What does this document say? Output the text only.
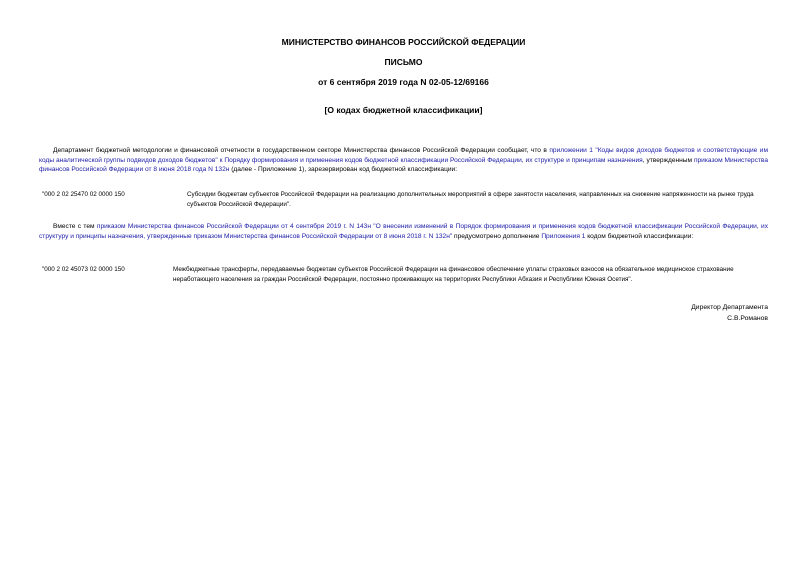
МИНИСТЕРСТВО ФИНАНСОВ РОССИЙСКОЙ ФЕДЕРАЦИИ
ПИСЬМО
от 6 сентября 2019 года N 02-05-12/69166
[О кодах бюджетной классификации]
Департамент бюджетной методологии и финансовой отчетности в государственном секторе Министерства финансов Российской Федерации сообщает, что в приложении 1 "Коды видов доходов бюджетов и соответствующие им коды аналитической группы подвидов доходов бюджетов" к Порядку формирования и применения кодов бюджетной классификации Российской Федерации, их структуре и принципам назначения, утвержденным приказом Министерства финансов Российской Федерации от 8 июня 2018 года N 132н (далее - Приложение 1), зарезервирован код бюджетной классификации:
"000 2 02 25470 02 0000 150	Субсидии бюджетам субъектов Российской Федерации на реализацию дополнительных мероприятий в сфере занятости населения, направленных на снижение напряженности на рынке труда субъектов Российской Федерации".
Вместе с тем приказом Министерства финансов Российской Федерации от 4 сентября 2019 г. N 143н "О внесении изменений в Порядок формирования и применения кодов бюджетной классификации Российской Федерации, их структуру и принципы назначения, утвержденные приказом Министерства финансов Российской Федерации от 8 июня 2018 г. N 132н" предусмотрено дополнение Приложения 1 кодом бюджетной классификации:
"000 2 02 45073 02 0000 150	Межбюджетные трансферты, передаваемые бюджетам субъектов Российской Федерации на финансовое обеспечение уплаты страховых взносов на обязательное медицинское страхование неработающего населения за граждан Российской Федерации, постоянно проживающих на территориях Республики Абхазия и Республики Южная Осетия".
Директор Департамента
С.В.Романов
